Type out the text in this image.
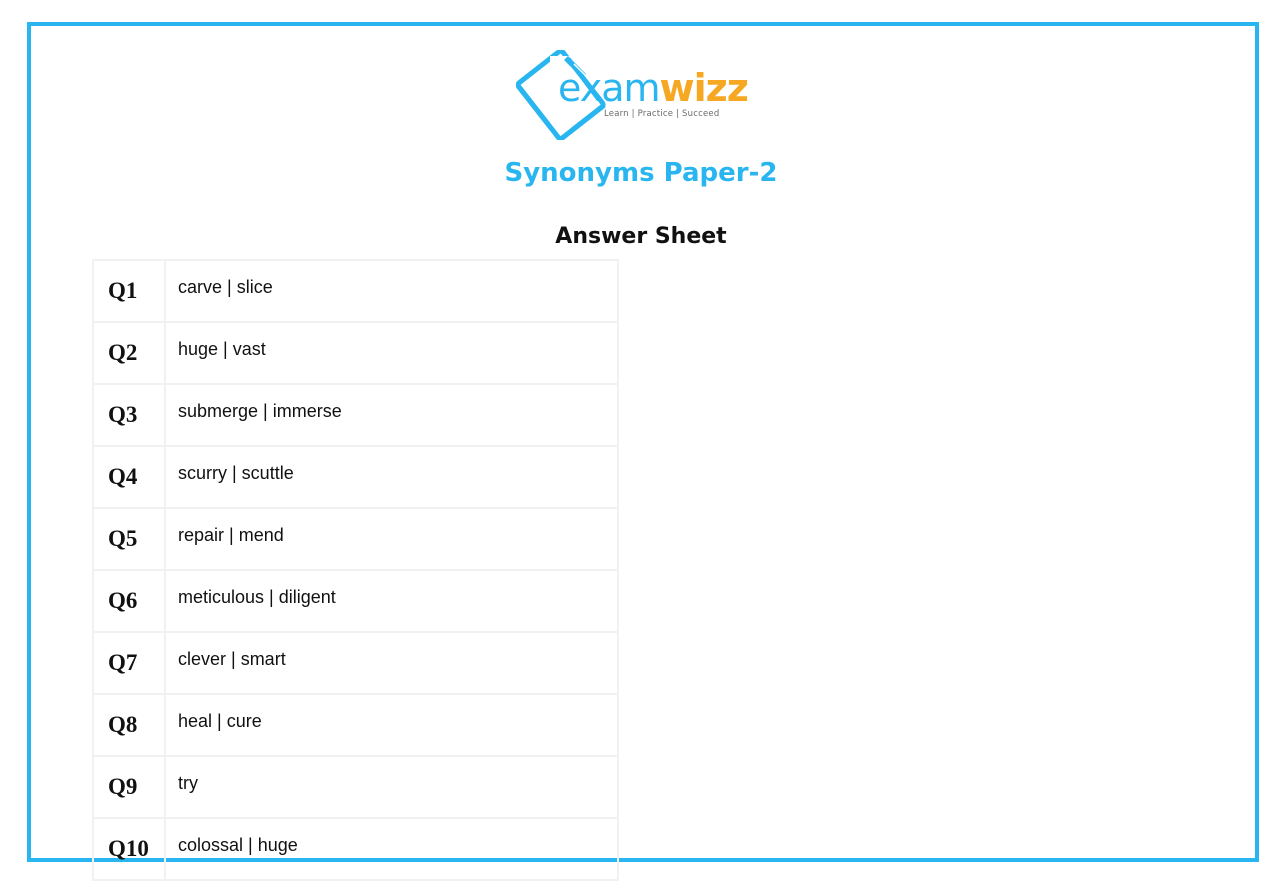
examwizz
Learn | Practice | Succeed
Synonyms Paper-2
Answer Sheet
Q1	carve | slice
Q2	huge | vast
Q3	submerge | immerse
Q4	scurry | scuttle
Q5	repair | mend
Q6	meticulous | diligent
Q7	clever | smart
Q8	heal | cure
Q9	try
Q10	colossal | huge
